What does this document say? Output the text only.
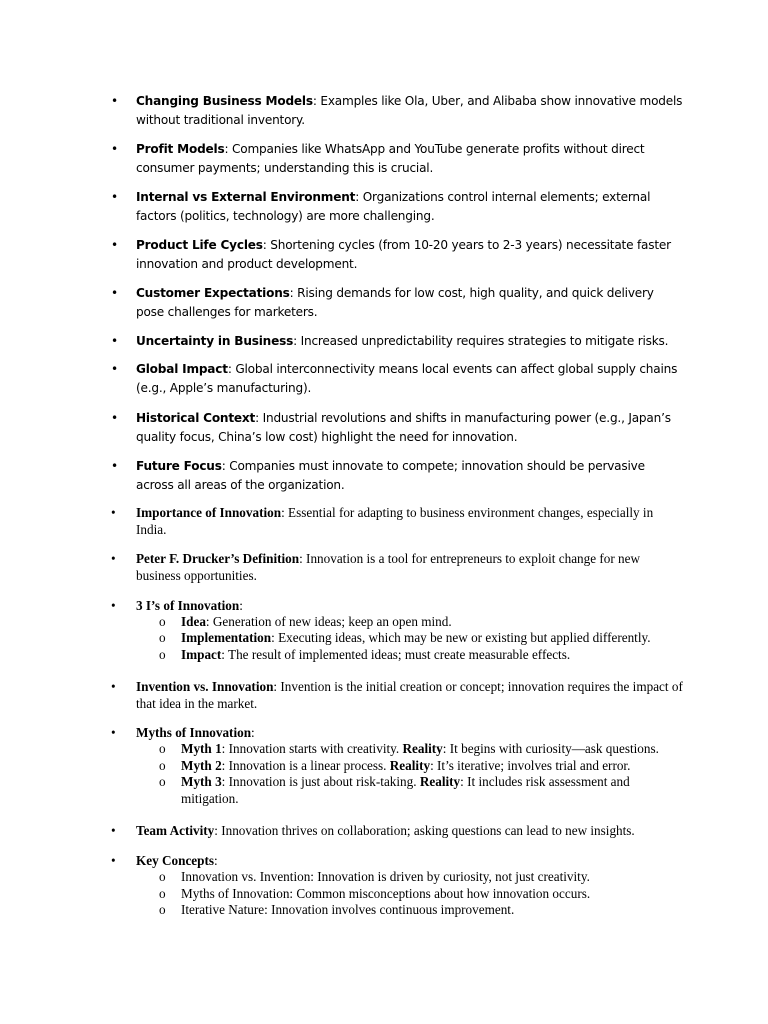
• Changing Business Models: Examples like Ola, Uber, and Alibaba show innovative models without traditional inventory.
• Profit Models: Companies like WhatsApp and YouTube generate profits without direct consumer payments; understanding this is crucial.
• Internal vs External Environment: Organizations control internal elements; external factors (politics, technology) are more challenging.
• Product Life Cycles: Shortening cycles (from 10-20 years to 2-3 years) necessitate faster innovation and product development.
• Customer Expectations: Rising demands for low cost, high quality, and quick delivery pose challenges for marketers.
• Uncertainty in Business: Increased unpredictability requires strategies to mitigate risks.
• Global Impact: Global interconnectivity means local events can affect global supply chains (e.g., Apple’s manufacturing).
• Historical Context: Industrial revolutions and shifts in manufacturing power (e.g., Japan’s quality focus, China’s low cost) highlight the need for innovation.
• Future Focus: Companies must innovate to compete; innovation should be pervasive across all areas of the organization.
• Importance of Innovation: Essential for adapting to business environment changes, especially in India.
• Peter F. Drucker’s Definition: Innovation is a tool for entrepreneurs to exploit change for new business opportunities.
• 3 I’s of Innovation:
o Idea: Generation of new ideas; keep an open mind.
o Implementation: Executing ideas, which may be new or existing but applied differently.
o Impact: The result of implemented ideas; must create measurable effects.
• Invention vs. Innovation: Invention is the initial creation or concept; innovation requires the impact of that idea in the market.
• Myths of Innovation:
o Myth 1: Innovation starts with creativity. Reality: It begins with curiosity—ask questions.
o Myth 2: Innovation is a linear process. Reality: It’s iterative; involves trial and error.
o Myth 3: Innovation is just about risk-taking. Reality: It includes risk assessment and mitigation.
• Team Activity: Innovation thrives on collaboration; asking questions can lead to new insights.
• Key Concepts:
o Innovation vs. Invention: Innovation is driven by curiosity, not just creativity.
o Myths of Innovation: Common misconceptions about how innovation occurs.
o Iterative Nature: Innovation involves continuous improvement.
